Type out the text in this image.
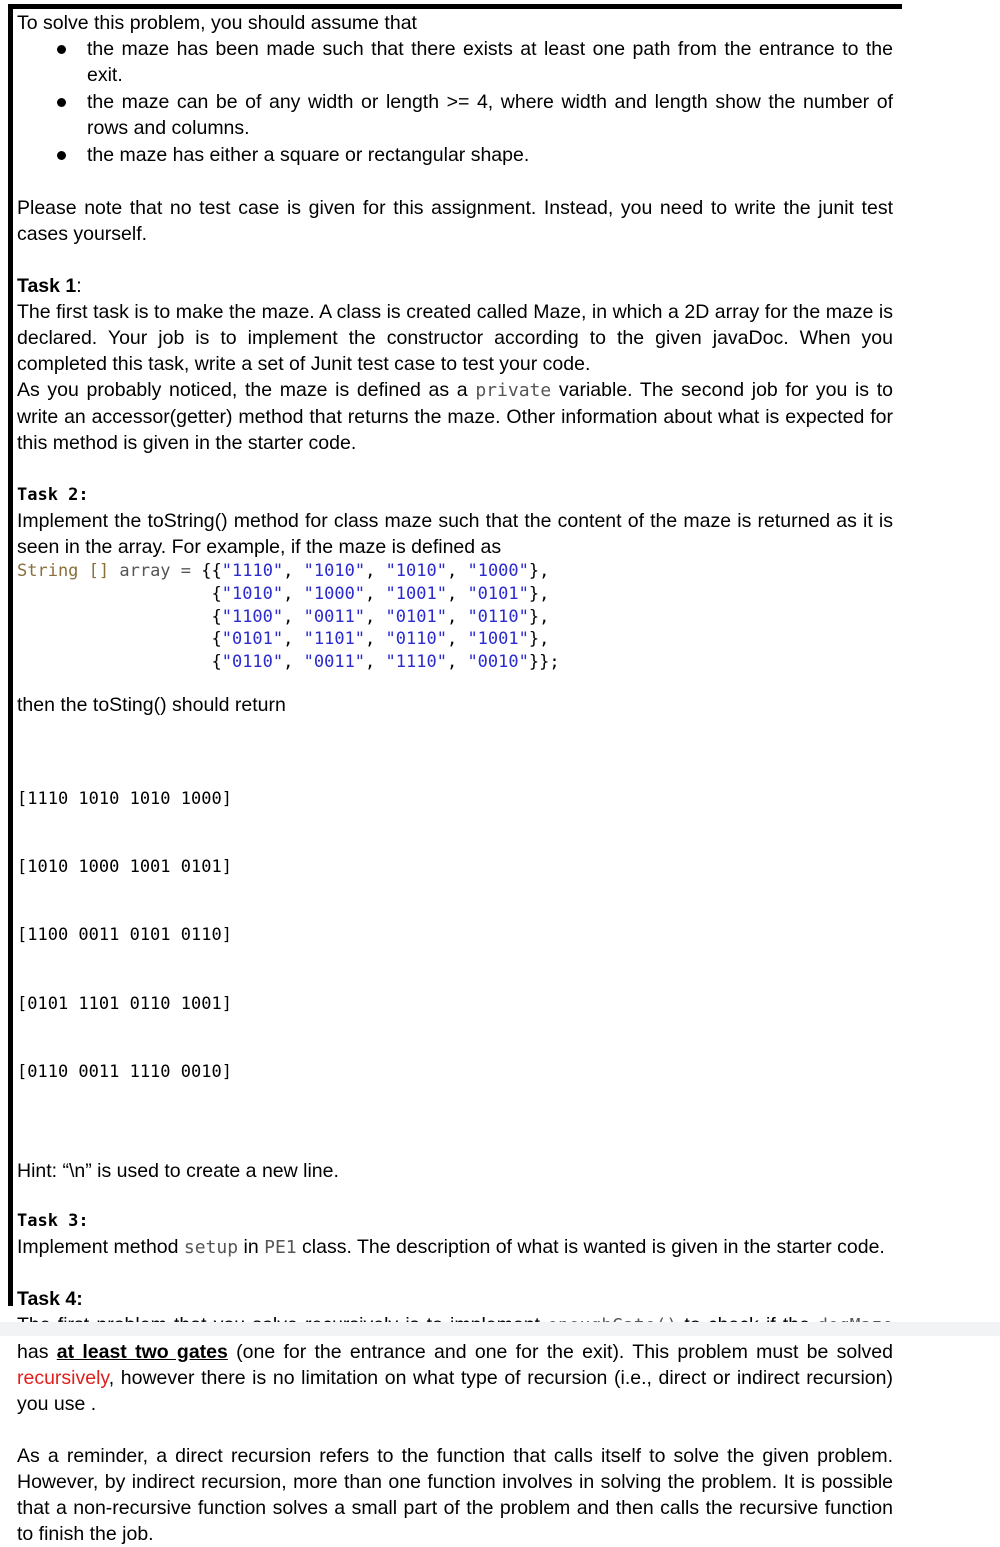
To solve this problem, you should assume that

the maze has been made such that there exists at least one path from the entrance to the exit.
the maze can be of any width or length >= 4, where width and length show the number of rows and columns.
the maze has either a square or rectangular shape.

Please note that no test case is given for this assignment. Instead, you need to write the junit test cases yourself.

Task 1:

The first task is to make the maze. A class is created called Maze, in which a 2D array for the maze is declared. Your job is to implement the constructor according to the given javaDoc. When you completed this task, write a set of Junit test case to test your code.

As you probably noticed, the maze is defined as a private variable. The second job for you is to write an accessor(getter) method that returns the maze. Other information about what is expected for this method is given in the starter code.

Task 2:

Implement the toString() method for class maze such that the content of the maze is returned as it is seen in the array. For example, if the maze is defined as

String [] array = {{"1110", "1010", "1010", "1000"},
{"1010", "1000", "1001", "0101"},
{"1100", "0011", "0101", "0110"},
{"0101", "1101", "0110", "1001"},
{"0110", "0011", "1110", "0010"}};

then the toSting() should return

[1110 1010 1010 1000]

[1010 1000 1001 0101]

[1100 0011 0101 0110]

[0101 1101 0110 1001]

[0110 0011 1110 0010]

Hint: “\n” is used to create a new line.

Task 3:

Implement method setup in PE1 class. The description of what is wanted is given in the starter code.

Task 4:

has at least two gates (one for the entrance and one for the exit). This problem must be solved recursively, however there is no limitation on what type of recursion (i.e., direct or indirect recursion) you use .

As a reminder, a direct recursion refers to the function that calls itself to solve the given problem. However, by indirect recursion, more than one function involves in solving the problem. It is possible that a non-recursive function solves a small part of the problem and then calls the recursive function to finish the job.
